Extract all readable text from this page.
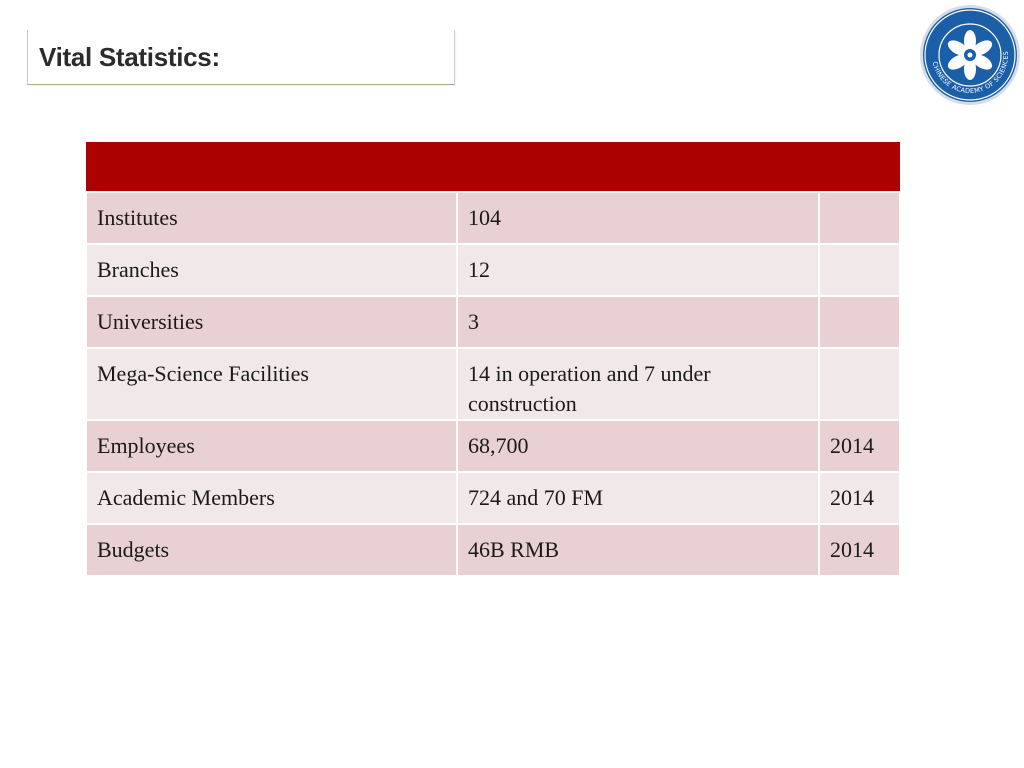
Vital Statistics:	CHINESE ACADEMY OF SCIENCES

Institutes	104	
Branches	12	
Universities	3	
Mega-Science Facilities	14 in operation and 7 under construction	
Employees	68,700	2014
Academic Members	724 and 70 FM	2014
Budgets	46B RMB	2014
